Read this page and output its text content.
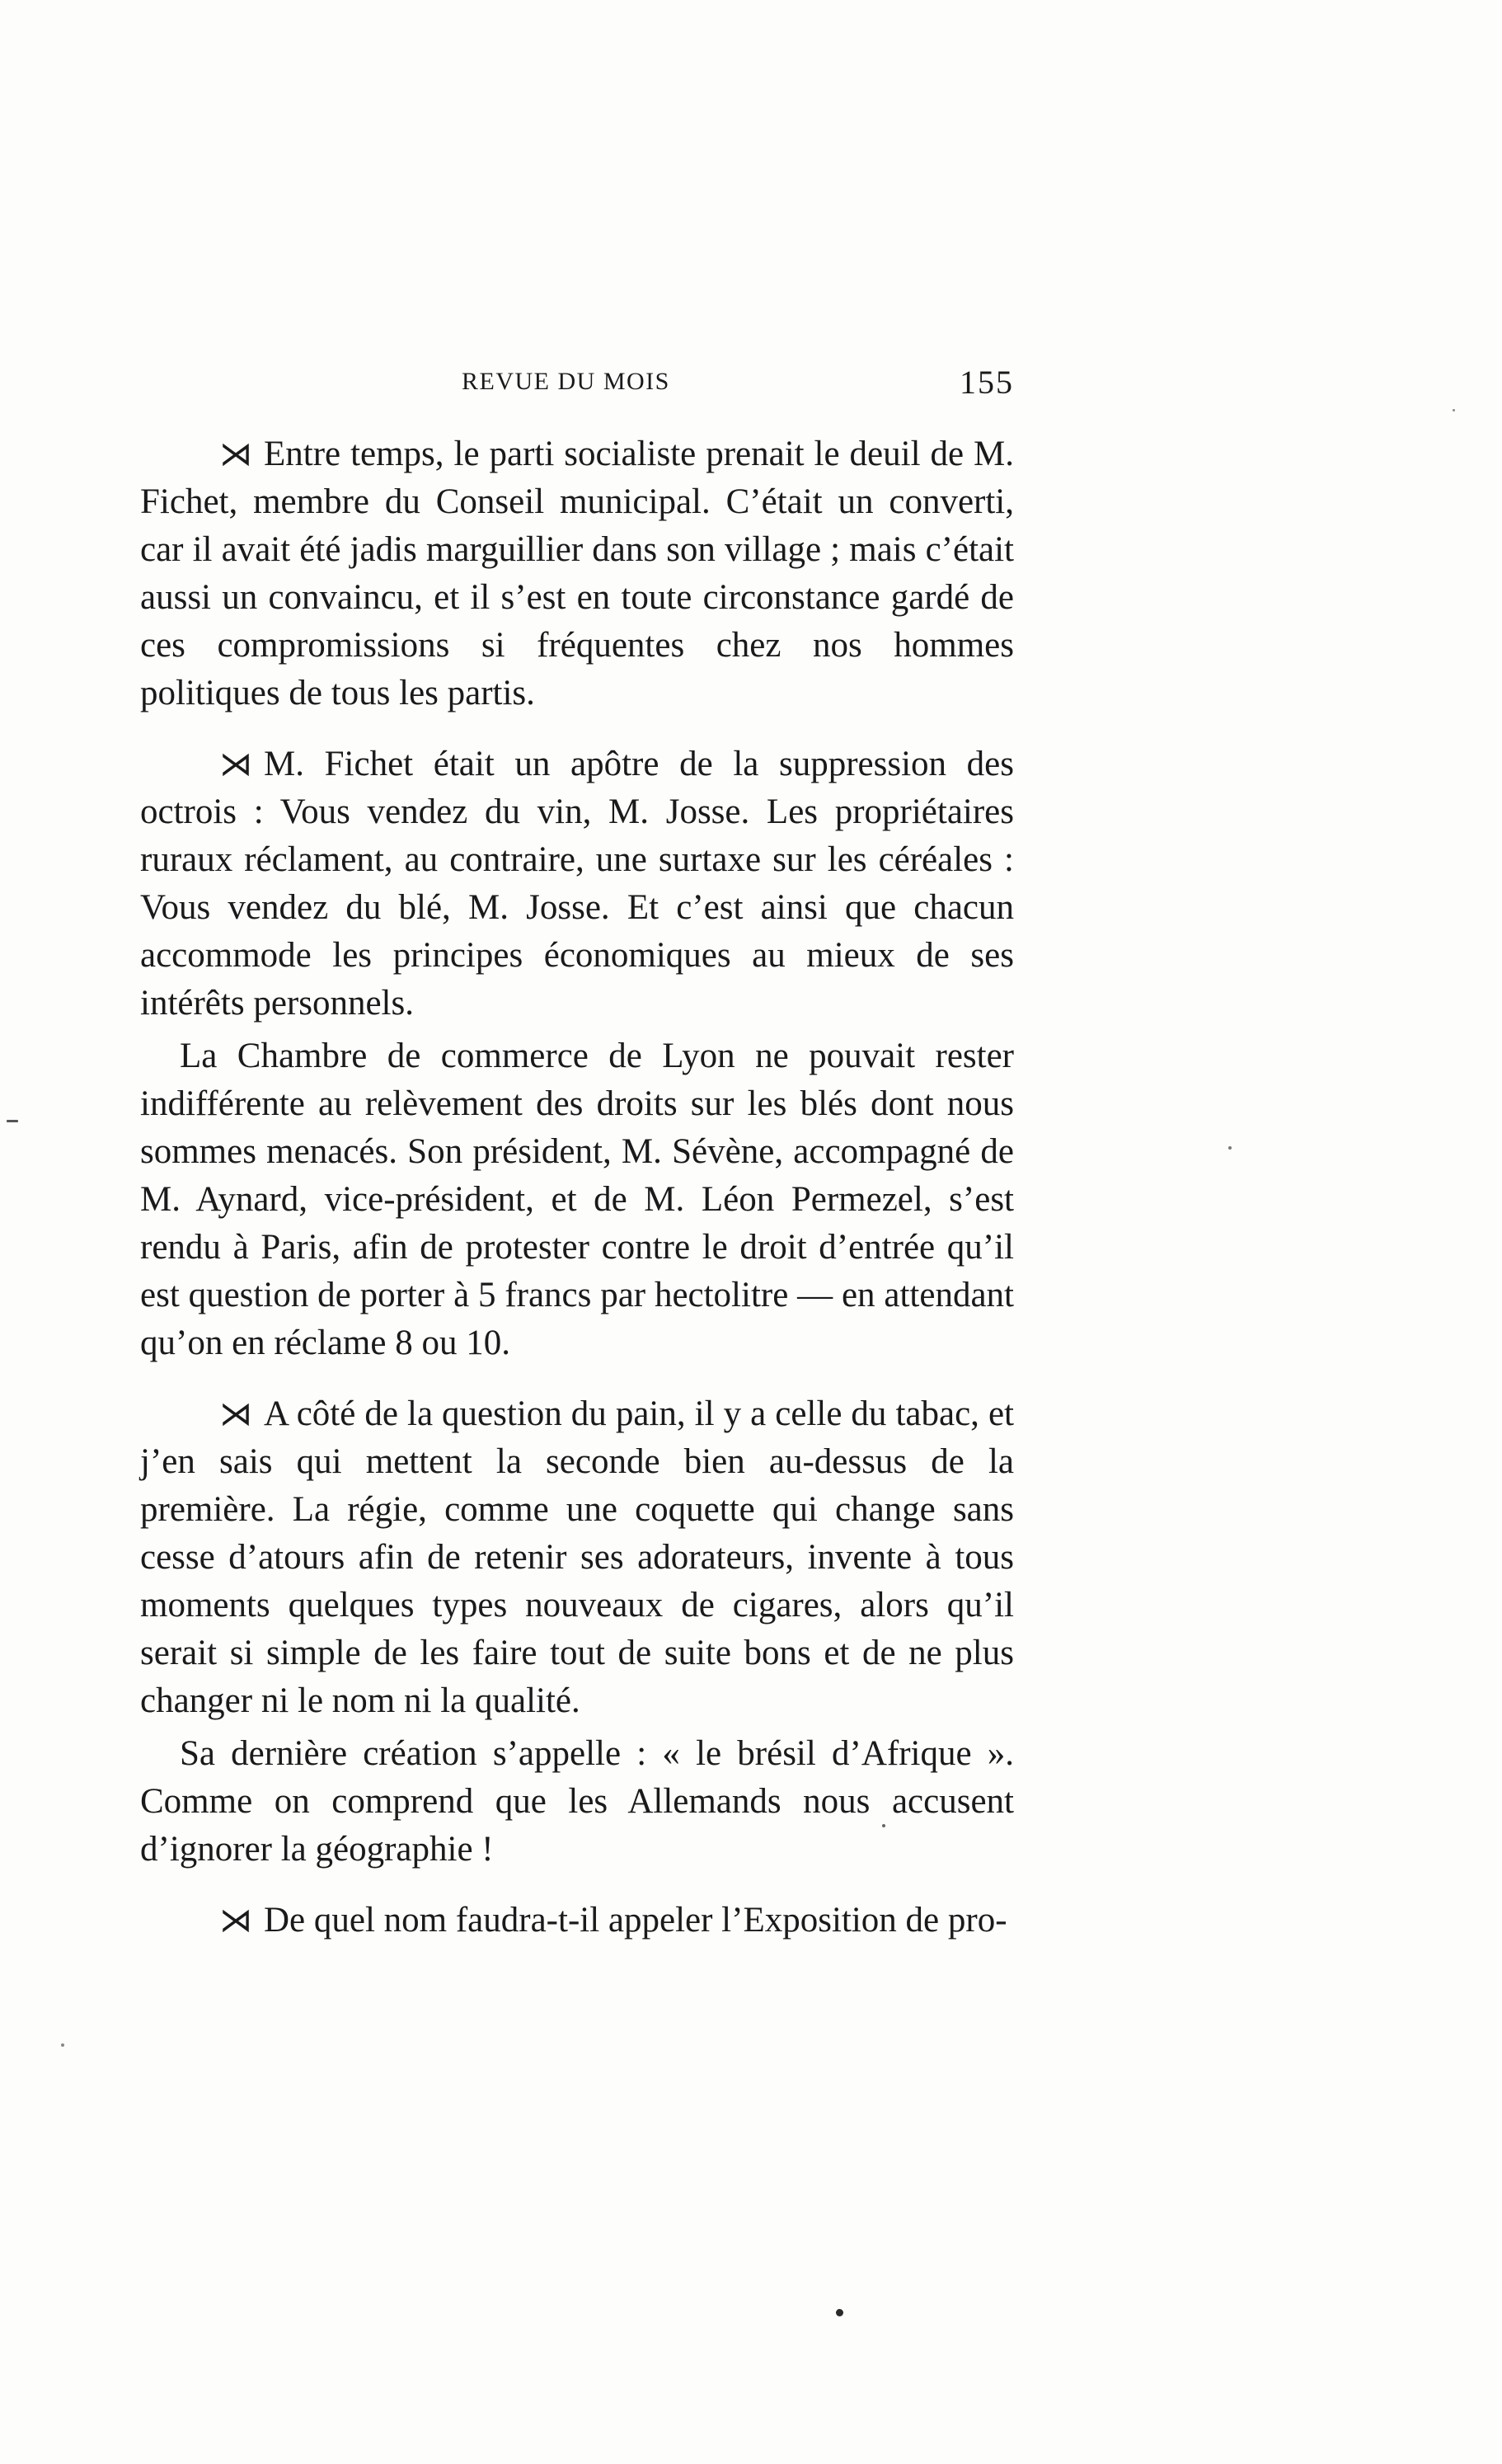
REVUE DU MOIS	155

⋊ Entre temps, le parti socialiste prenait le deuil de M. Fichet, membre du Conseil municipal. C’était un converti, car il avait été jadis marguillier dans son village ; mais c’était aussi un convaincu, et il s’est en toute circonstance gardé de ces compromissions si fréquentes chez nos hommes politiques de tous les partis.

⋊ M. Fichet était un apôtre de la suppression des octrois : Vous vendez du vin, M. Josse. Les propriétaires ruraux réclament, au contraire, une surtaxe sur les céréales : Vous vendez du blé, M. Josse. Et c’est ainsi que chacun accommode les principes économiques au mieux de ses intérêts personnels.

La Chambre de commerce de Lyon ne pouvait rester indifférente au relèvement des droits sur les blés dont nous sommes menacés. Son président, M. Sévène, accompagné de M. Aynard, vice-président, et de M. Léon Permezel, s’est rendu à Paris, afin de protester contre le droit d’entrée qu’il est question de porter à 5 francs par hectolitre — en attendant qu’on en réclame 8 ou 10.

⋊ A côté de la question du pain, il y a celle du tabac, et j’en sais qui mettent la seconde bien au-dessus de la première. La régie, comme une coquette qui change sans cesse d’atours afin de retenir ses adorateurs, invente à tous moments quelques types nouveaux de cigares, alors qu’il serait si simple de les faire tout de suite bons et de ne plus changer ni le nom ni la qualité.

Sa dernière création s’appelle : « le brésil d’Afrique ». Comme on comprend que les Allemands nous accusent d’ignorer la géographie !

⋊ De quel nom faudra-t-il appeler l’Exposition de pro-
